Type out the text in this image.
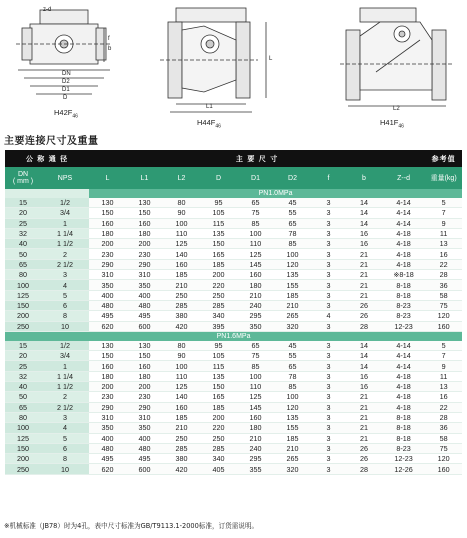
z-d
DN
D2
D1
D
f
b
L1
L
L2
$H42F_{46}$
$H44F_{46}$	$H41F_{46}$
主要连接尺寸及重量
公 称 通 径		主 要 尺 寸									参考值

DN
( mm )	NPS	L	L1	L2	D	D1	D2	f	b	Z--d	重量(kg)
		PN1.0MPa									
15	1/2	130	130	80	95	65	45	3	14	4-14	5
20	3/4	150	150	90	105	75	55	3	14	4-14	7
25	1	160	160	100	115	85	65	3	14	4-14	9
32	1 1/4	180	180	110	135	100	78	3	16	4-18	11
40	1 1/2	200	200	125	150	110	85	3	16	4-18	13
50	2	230	230	140	165	125	100	3	21	4-18	16
65	2 1/2	290	290	160	185	145	120	3	21	4-18	22
80	3	310	310	185	200	160	135	3	21	※8-18	28
100	4	350	350	210	220	180	155	3	21	8-18	36
125	5	400	400	250	250	210	185	3	21	8-18	58
150	6	480	480	285	285	240	210	3	26	8-23	75
200	8	495	495	380	340	295	265	4	26	8-23	120
250	10	620	600	420	395	350	320	3	28	12-23	160
PN1.6MPa											
15	1/2	130	130	80	95	65	45	3	14	4-14	5
20	3/4	150	150	90	105	75	55	3	14	4-14	7
25	1	160	160	100	115	85	65	3	14	4-14	9
32	1 1/4	180	180	110	135	100	78	3	16	4-18	11
40	1 1/2	200	200	125	150	110	85	3	16	4-18	13
50	2	230	230	140	165	125	100	3	21	4-18	16
65	2 1/2	290	290	160	185	145	120	3	21	4-18	22
80	3	310	310	185	200	160	135	3	21	8-18	28
100	4	350	350	210	220	180	155	3	21	8-18	36
125	5	400	400	250	250	210	185	3	21	8-18	58
150	6	480	480	285	285	240	210	3	26	8-23	75
200	8	495	495	380	340	295	265	3	26	12-23	120
250	10	620	600	420	405	355	320	3	28	12-26	160
※机械标准（JB78）时为4孔，表中尺寸标准为GB/T9113.1-2000标准，订货需说明。
